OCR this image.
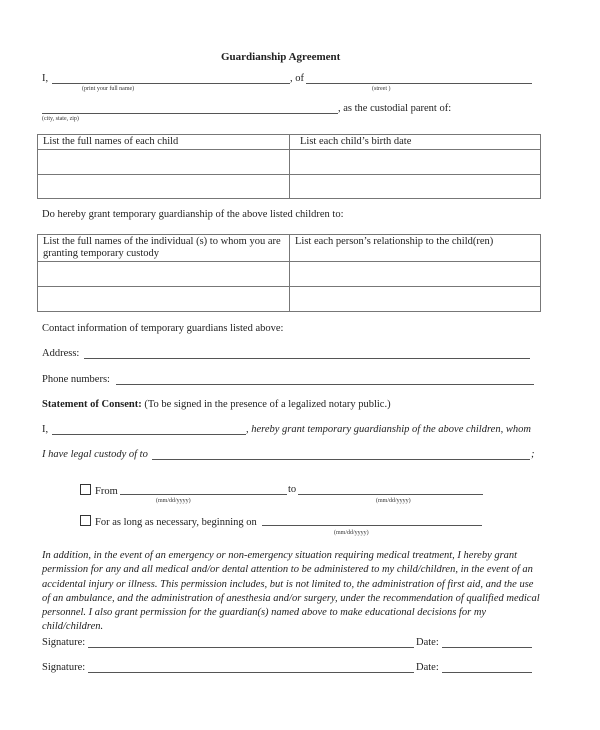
Guardianship Agreement
I,	, of
(print your full name)	(street )
, as the custodial parent of:
(city, state, zip)
List the full names of each child	List each child’s birth date

Do hereby grant temporary guardianship of the above listed children to:
List the full names of the individual (s) to whom you are granting temporary custody	List each person’s relationship to the child(ren)

Contact information of temporary guardians listed above:
Address:
Phone numbers:
Statement of Consent: (To be signed in the presence of a legalized notary public.)
I,	, hereby grant temporary guardianship of the above children, whom
I have legal custody of to	;
From	to
(mm/dd/yyyy)	(mm/dd/yyyy)
For as long as necessary, beginning on
(mm/dd/yyyy)
In addition, in the event of an emergency or non-emergency situation requiring medical treatment, I hereby grant permission for any and all medical and/or dental attention to be administered to my child/children, in the event of an accidental injury or illness. This permission includes, but is not limited to, the administration of first aid, and the use of an ambulance, and the administration of anesthesia and/or surgery, under the recommendation of qualified medical personnel. I also grant permission for the guardian(s) named above to make educational decisions for my child/children.
Signature:	Date:
Signature:	Date:
